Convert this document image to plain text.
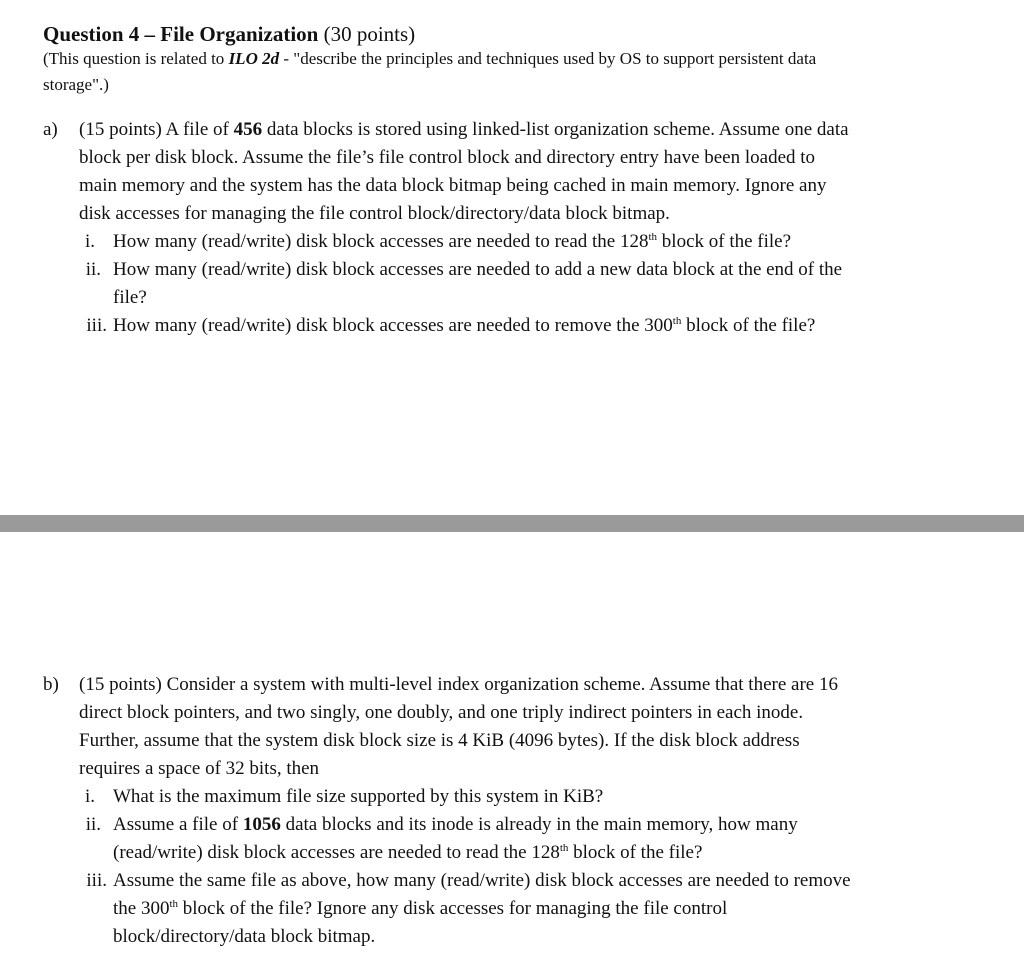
Question 4 – File Organization (30 points)
(This question is related to ILO 2d - "describe the principles and techniques used by OS to support persistent data
storage".)
a) (15 points) A file of 456 data blocks is stored using linked-list organization scheme. Assume one data
block per disk block. Assume the file’s file control block and directory entry have been loaded to
main memory and the system has the data block bitmap being cached in main memory. Ignore any
disk accesses for managing the file control block/directory/data block bitmap.
i. How many (read/write) disk block accesses are needed to read the 128th block of the file?
ii. How many (read/write) disk block accesses are needed to add a new data block at the end of the
file?
iii. How many (read/write) disk block accesses are needed to remove the 300th block of the file?
b) (15 points) Consider a system with multi-level index organization scheme. Assume that there are 16
direct block pointers, and two singly, one doubly, and one triply indirect pointers in each inode.
Further, assume that the system disk block size is 4 KiB (4096 bytes). If the disk block address
requires a space of 32 bits, then
i. What is the maximum file size supported by this system in KiB?
ii. Assume a file of 1056 data blocks and its inode is already in the main memory, how many
(read/write) disk block accesses are needed to read the 128th block of the file?
iii. Assume the same file as above, how many (read/write) disk block accesses are needed to remove
the 300th block of the file? Ignore any disk accesses for managing the file control
block/directory/data block bitmap.
